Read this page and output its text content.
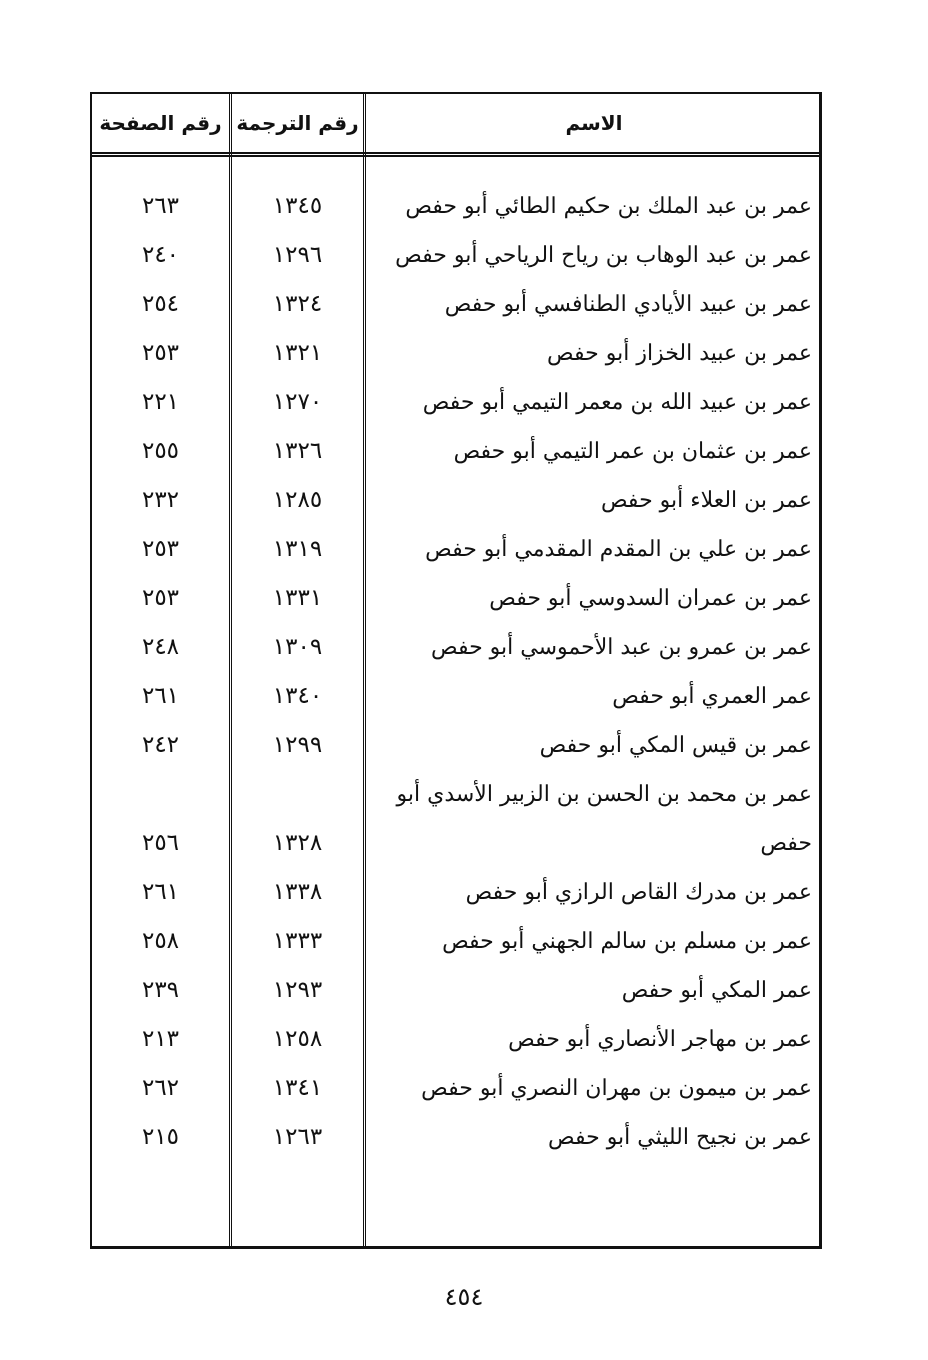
رقم الصفحة رقم الترجمة	الاسم
عمر بن عبد الملك بن حكيم الطائي أبو حفص
١٣٤٥
٢٦٣
عمر بن عبد الوهاب بن رياح الرياحي أبو حفص
١٢٩٦
٢٤٠
عمر بن عبيد الأيادي الطنافسي أبو حفص
١٣٢٤
٢٥٤
عمر بن عبيد الخزاز أبو حفص
١٣٢١
٢٥٣
عمر بن عبيد الله بن معمر التيمي أبو حفص
١٢٧٠
٢٢١
عمر بن عثمان بن عمر التيمي أبو حفص
١٣٢٦
٢٥٥
عمر بن العلاء أبو حفص
١٢٨٥
٢٣٢
عمر بن علي بن المقدم المقدمي أبو حفص
١٣١٩
٢٥٣
عمر بن عمران السدوسي أبو حفص
١٣٣١
٢٥٣
عمر بن عمرو بن عبد الأحموسي أبو حفص
١٣٠٩
٢٤٨
عمر العمري أبو حفص
١٣٤٠
٢٦١
عمر بن قيس المكي أبو حفص
١٢٩٩
٢٤٢
عمر بن محمد بن الحسن بن الزبير الأسدي أبو حفص
١٣٢٨
٢٥٦
عمر بن مدرك القاص الرازي أبو حفص
١٣٣٨
٢٦١
عمر بن مسلم بن سالم الجهني أبو حفص
١٣٣٣
٢٥٨
عمر المكي أبو حفص
١٢٩٣
٢٣٩
عمر بن مهاجر الأنصاري أبو حفص
١٢٥٨
٢١٣
عمر بن ميمون بن مهران النصري أبو حفص
١٣٤١
٢٦٢
عمر بن نجيح الليثي أبو حفص
١٢٦٣
٢١٥
٤٥٤
